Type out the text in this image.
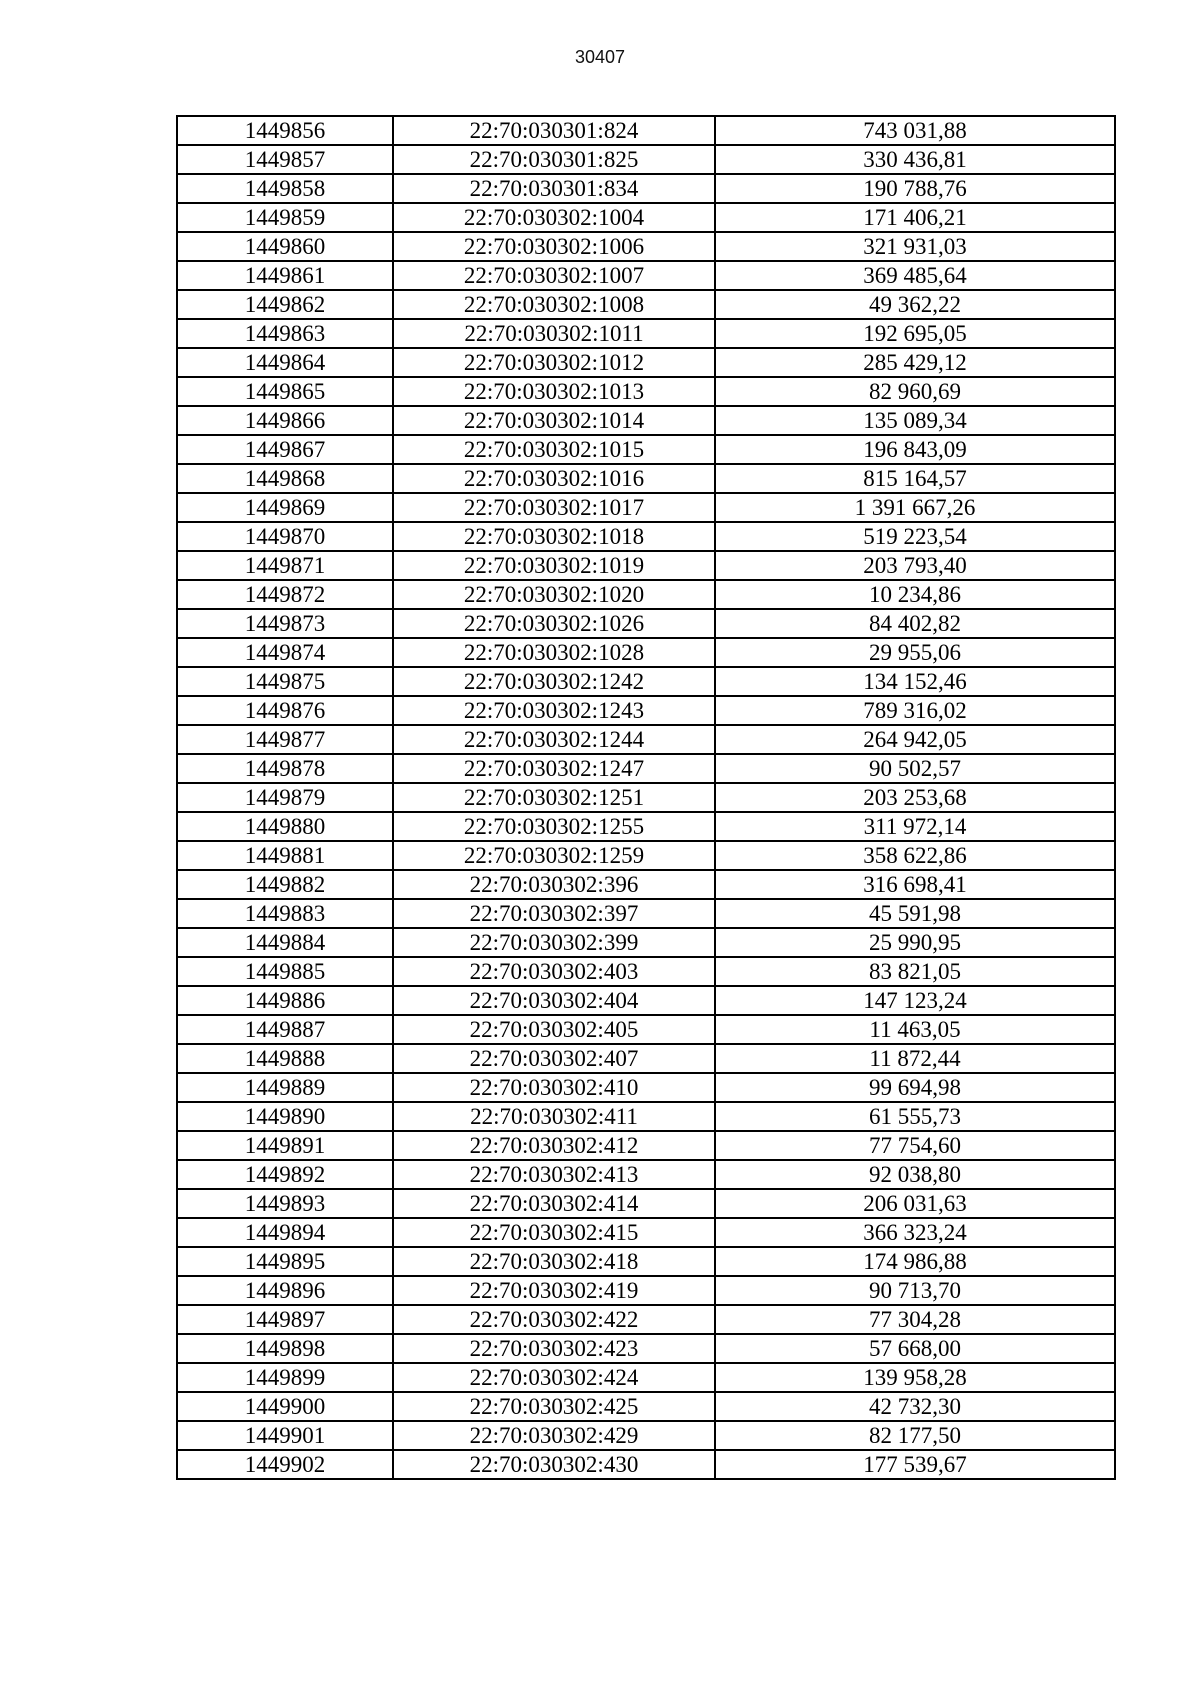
30407
1449856	22:70:030301:824	743 031,88
1449857	22:70:030301:825	330 436,81
1449858	22:70:030301:834	190 788,76
1449859	22:70:030302:1004	171 406,21
1449860	22:70:030302:1006	321 931,03
1449861	22:70:030302:1007	369 485,64
1449862	22:70:030302:1008	49 362,22
1449863	22:70:030302:1011	192 695,05
1449864	22:70:030302:1012	285 429,12
1449865	22:70:030302:1013	82 960,69
1449866	22:70:030302:1014	135 089,34
1449867	22:70:030302:1015	196 843,09
1449868	22:70:030302:1016	815 164,57
1449869	22:70:030302:1017	1 391 667,26
1449870	22:70:030302:1018	519 223,54
1449871	22:70:030302:1019	203 793,40
1449872	22:70:030302:1020	10 234,86
1449873	22:70:030302:1026	84 402,82
1449874	22:70:030302:1028	29 955,06
1449875	22:70:030302:1242	134 152,46
1449876	22:70:030302:1243	789 316,02
1449877	22:70:030302:1244	264 942,05
1449878	22:70:030302:1247	90 502,57
1449879	22:70:030302:1251	203 253,68
1449880	22:70:030302:1255	311 972,14
1449881	22:70:030302:1259	358 622,86
1449882	22:70:030302:396	316 698,41
1449883	22:70:030302:397	45 591,98
1449884	22:70:030302:399	25 990,95
1449885	22:70:030302:403	83 821,05
1449886	22:70:030302:404	147 123,24
1449887	22:70:030302:405	11 463,05
1449888	22:70:030302:407	11 872,44
1449889	22:70:030302:410	99 694,98
1449890	22:70:030302:411	61 555,73
1449891	22:70:030302:412	77 754,60
1449892	22:70:030302:413	92 038,80
1449893	22:70:030302:414	206 031,63
1449894	22:70:030302:415	366 323,24
1449895	22:70:030302:418	174 986,88
1449896	22:70:030302:419	90 713,70
1449897	22:70:030302:422	77 304,28
1449898	22:70:030302:423	57 668,00
1449899	22:70:030302:424	139 958,28
1449900	22:70:030302:425	42 732,30
1449901	22:70:030302:429	82 177,50
1449902	22:70:030302:430	177 539,67
